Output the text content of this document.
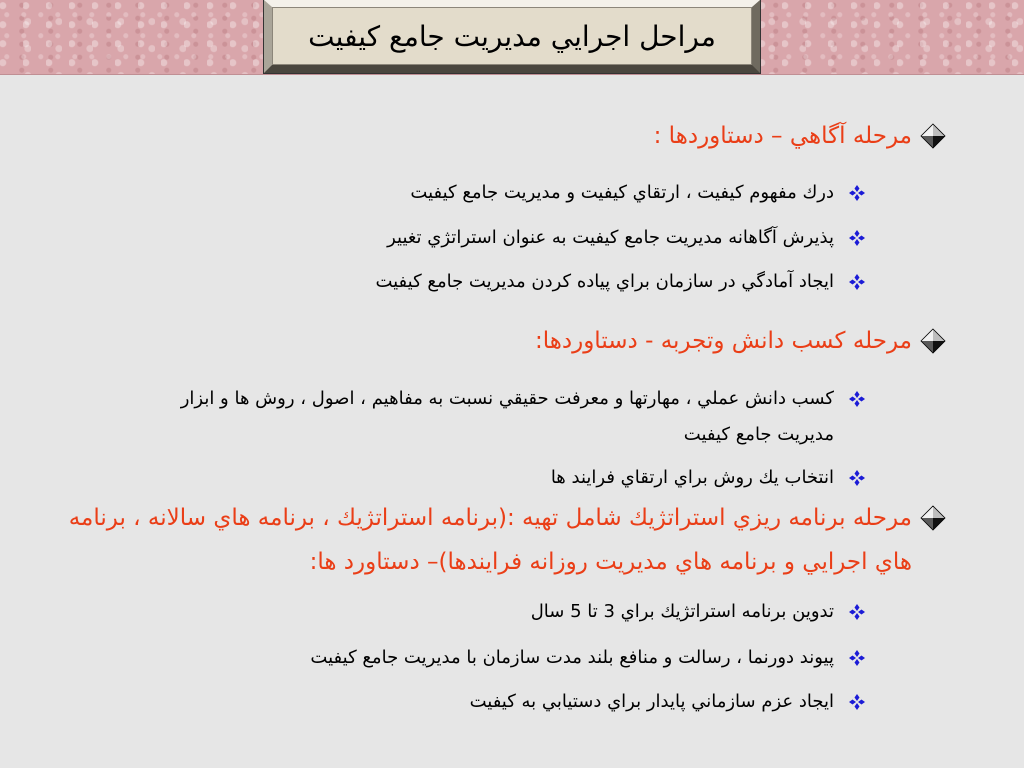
مراحل اجرايي مديريت جامع كيفيت
مرحله آگاهي – دستاوردها :
درك مفهوم كيفيت ، ارتقاي كيفيت و مديريت جامع كيفيت
پذيرش آگاهانه مديريت جامع كيفيت به عنوان استراتژي تغيير
ايجاد آمادگي در سازمان براي پياده كردن مديريت جامع كيفيت
مرحله كسب دانش وتجربه - دستاوردها:
كسب دانش عملي ، مهارتها و معرفت حقيقي نسبت به مفاهيم ، اصول ، روش ها و ابزار مديريت جامع كيفيت
انتخاب يك روش براي ارتقاي فرايند ها
مرحله برنامه ريزي استراتژيك شامل تهيه :(برنامه استراتژيك ، برنامه هاي سالانه ، برنامه
هاي اجرايي و برنامه هاي مديريت روزانه فرايندها)– دستاورد ها:
تدوين برنامه استراتژيك براي 3 تا 5 سال
پيوند دورنما ، رسالت و منافع بلند مدت سازمان با مديريت جامع كيفيت
ايجاد عزم سازماني پايدار براي دستيابي به كيفيت
